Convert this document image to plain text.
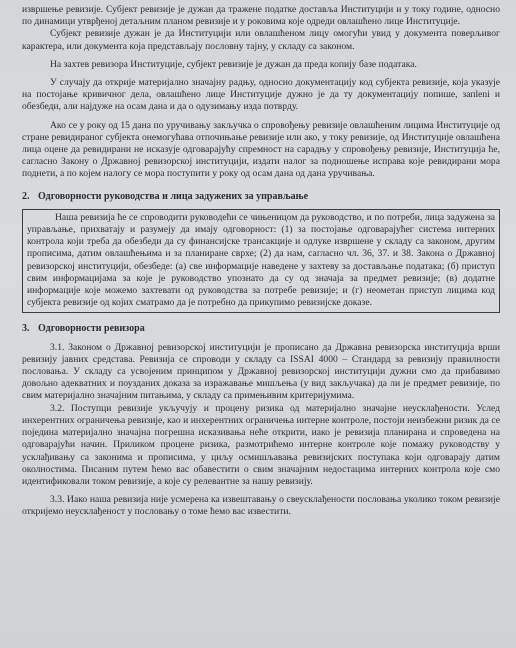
извршење ревизије. Субјект ревизије је дужан да тражене податке доставља Институцији и у току године, односно по динамици утврђеној детаљним планом ревизије и у роковима које одреди овлашћено лице Институције.

Субјект ревизије дужан је да Институцији или овлашћеном лицу омогући увид у документа поверљивог карактера, или документа која представљају пословну тајну, у складу са законом.

На захтев ревизора Институције, субјект ревизије је дужан да преда копију базе података.

У случају да открије материјално значајну радњу, односно документацију код субјекта ревизије, која указује на постојање кривичног дела, овлашћено лице Институције дужно је да ту документацију попише, запleni и обезбеди, али најдуже на осам дана и да о одузимању изда потврду.

Ако се у року од 15 дана по уручивању закључка о спровођењу ревизије овлашћеним лицима Институције од стране ревидираног субјекта онемогућава отпочињање ревизије или ако, у току ревизије, од Институције овлашћена лица оцене да ревидирани не исказује одговарајућу спремност на сарадњу у спровођењу ревизије, Институција ће, сагласно Закону о Државној ревизорској институцији, издати налог за подношење исправа које ревидирани мора поднети, а по којем налогу се мора поступити у року од осам дана од дана уручивања.

2. Одговорности руководства и лица задужених за управљање
Наша ревизија ће се спроводити руководећи се чињеницом да руководство, и по потреби, лица задужена за управљање, прихватају и разумеју да имају одговорност: (1) за постојање одговарајућег система интерних контрола који треба да обезбеди да су финансијске трансакције и одлуке извршене у складу са законом, другим прописима, датим овлашћењима и за планиране сврхе; (2) да нам, сагласно чл. 36, 37. и 38. Закона о Државној ревизорској институцији, обезбеде: (а) све информације наведене у захтеву за достављање података; (б) приступ свим информацијама за које је руководство упознато да су од значаја за предмет ревизије; (в) додатне информације које можемо захтевати од руководства за потребе ревизије; и (г) неометан приступ лицима код субјекта ревизије од којих сматрамо да је потребно да прикупимо ревизијске доказе.
3. Одговорности ревизора

3.1. Законом о Државној ревизорској институцији је прописано да Државна ревизорска институција врши ревизију јавних средстава. Ревизија се спроводи у складу са ISSAI 4000 – Стандард за ревизију правилности пословања. У складу са усвојеним принципом у Државној ревизорској институцији дужни смо да прибавимо довољно адекватних и поузданих доказа за изражавање мишљења (у вид закључака) да ли је предмет ревизије, по свим материјално значајним питањима, у складу са примењивим критеријумима.

3.2. Поступци ревизије укључују и процену ризика од материјално значајне неусклађености. Услед инхерентних ограничења ревизије, као и инхерентних ограничења интерне контроле, постоји неизбежни ризик да се поједина материјално значајна погрешна исказивања неће открити, иако је ревизија планирана и спроведена на одговарајући начин. Приликом процене ризика, размотрићемо интерне контроле које помажу руководству у усклађивању са законима и прописима, у циљу осмишљавања ревизијских поступака који одговарају датим околностима. Писаним путем ћемо вас обавестити о свим значајним недостацима интерних контрола које смо идентификовали током ревизије, а које су релевантне за нашу ревизију.

3.3. Иако наша ревизија није усмерена ка извештавању о свеусклађености пословања уколико током ревизије откријемо неусклађеност у пословању о томе ћемо вас известити.
